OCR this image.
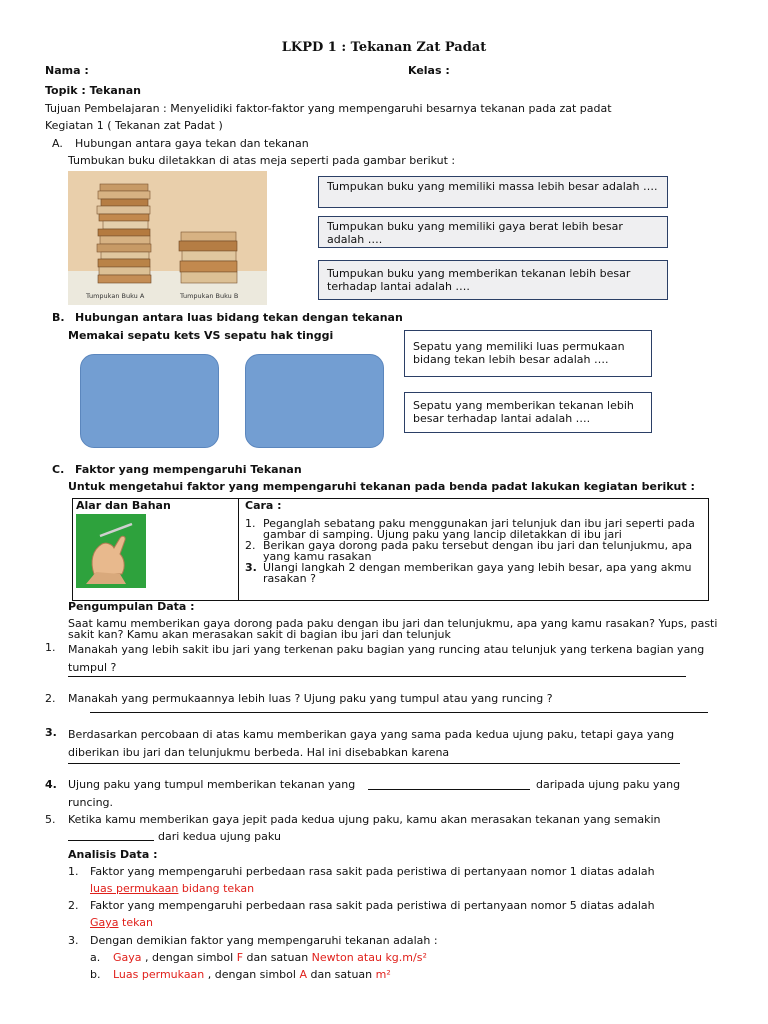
LKPD 1 : Tekanan Zat Padat
Nama :	Kelas :
Topik : Tekanan
Tujuan Pembelajaran : Menyelidiki faktor-faktor yang mempengaruhi besarnya tekanan pada zat padat
Kegiatan 1 ( Tekanan zat Padat )
A. Hubungan antara gaya tekan dan tekanan
Tumbukan buku diletakkan di atas meja seperti pada gambar berikut :
Tumpukan Buku A	Tumpukan Buku B
Tumpukan buku yang memiliki massa lebih besar adalah ….
Tumpukan buku yang memiliki gaya berat lebih besar adalah ….
Tumpukan buku yang memberikan tekanan lebih besar terhadap lantai adalah ….
B. Hubungan antara luas bidang tekan dengan tekanan
Memakai sepatu kets VS sepatu hak tinggi
Sepatu yang memiliki luas permukaan bidang tekan lebih besar adalah ….
Sepatu yang memberikan tekanan lebih besar terhadap lantai adalah ….
C. Faktor yang mempengaruhi Tekanan
Untuk mengetahui faktor yang mempengaruhi tekanan pada benda padat lakukan kegiatan berikut :
Alar dan Bahan	Cara :
1. Peganglah sebatang paku menggunakan jari telunjuk dan ibu jari seperti pada gambar di samping. Ujung paku yang lancip diletakkan di ibu jari
2. Berikan gaya dorong pada paku tersebut dengan ibu jari dan telunjukmu, apa yang kamu rasakan
3. Ulangi langkah 2 dengan memberikan gaya yang lebih besar, apa yang akmu rasakan ?
Pengumpulan Data :
Saat kamu memberikan gaya dorong pada paku dengan ibu jari dan telunjukmu, apa yang kamu rasakan? Yups, pasti sakit kan? Kamu akan merasakan sakit di bagian ibu jari dan telunjuk
1. Manakah yang lebih sakit ibu jari yang terkenan paku bagian yang runcing atau telunjuk yang terkena bagian yang tumpul ?
2. Manakah yang permukaannya lebih luas ? Ujung paku yang tumpul atau yang runcing ?
3. Berdasarkan percobaan di atas kamu memberikan gaya yang sama pada kedua ujung paku, tetapi gaya yang diberikan ibu jari dan telunjukmu berbeda. Hal ini disebabkan karena
4. Ujung paku yang tumpul memberikan tekanan yang	daripada ujung paku yang
runcing.
5. Ketika kamu memberikan gaya jepit pada kedua ujung paku, kamu akan merasakan tekanan yang semakin
dari kedua ujung paku
Analisis Data :
1. Faktor yang mempengaruhi perbedaan rasa sakit pada peristiwa di pertanyaan nomor 1 diatas adalah
luas permukaan bidang tekan
2. Faktor yang mempengaruhi perbedaan rasa sakit pada peristiwa di pertanyaan nomor 5 diatas adalah
Gaya tekan
3. Dengan demikian faktor yang mempengaruhi tekanan adalah :
a. Gaya , dengan simbol F dan satuan Newton atau kg.m/s²
b. Luas permukaan , dengan simbol A dan satuan m²
